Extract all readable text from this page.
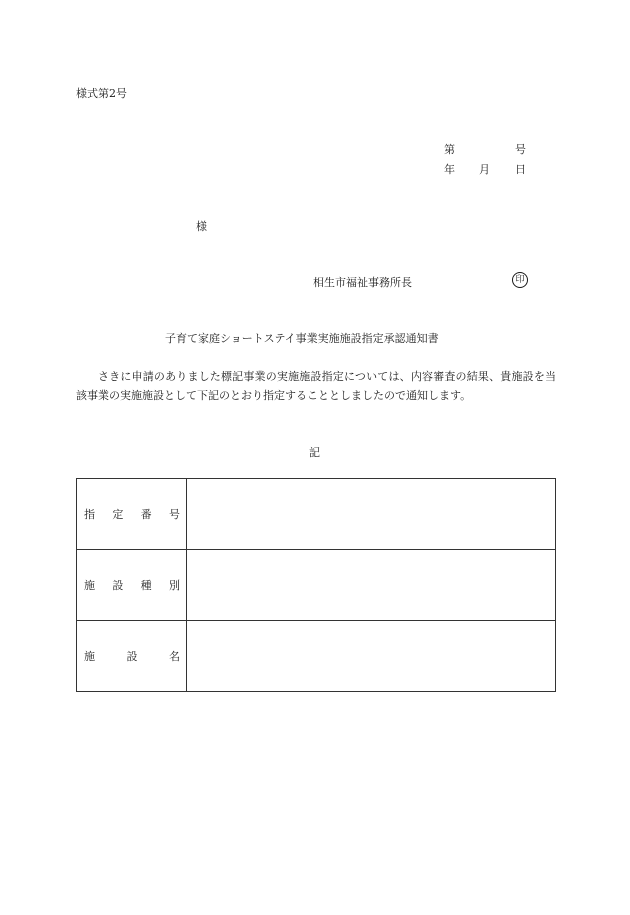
様式第2号
第	号
年 月 日
様
相生市福祉事務所長	印
子育て家庭ショートステイ事業実施施設指定承認通知書
さきに申請のありました標記事業の実施施設指定については、内容審査の結果、貴施設を当該事業の実施施設として下記のとおり指定することとしましたので通知します。
記
指 定 番 号	

施 設 種 別	

施 設 名	
